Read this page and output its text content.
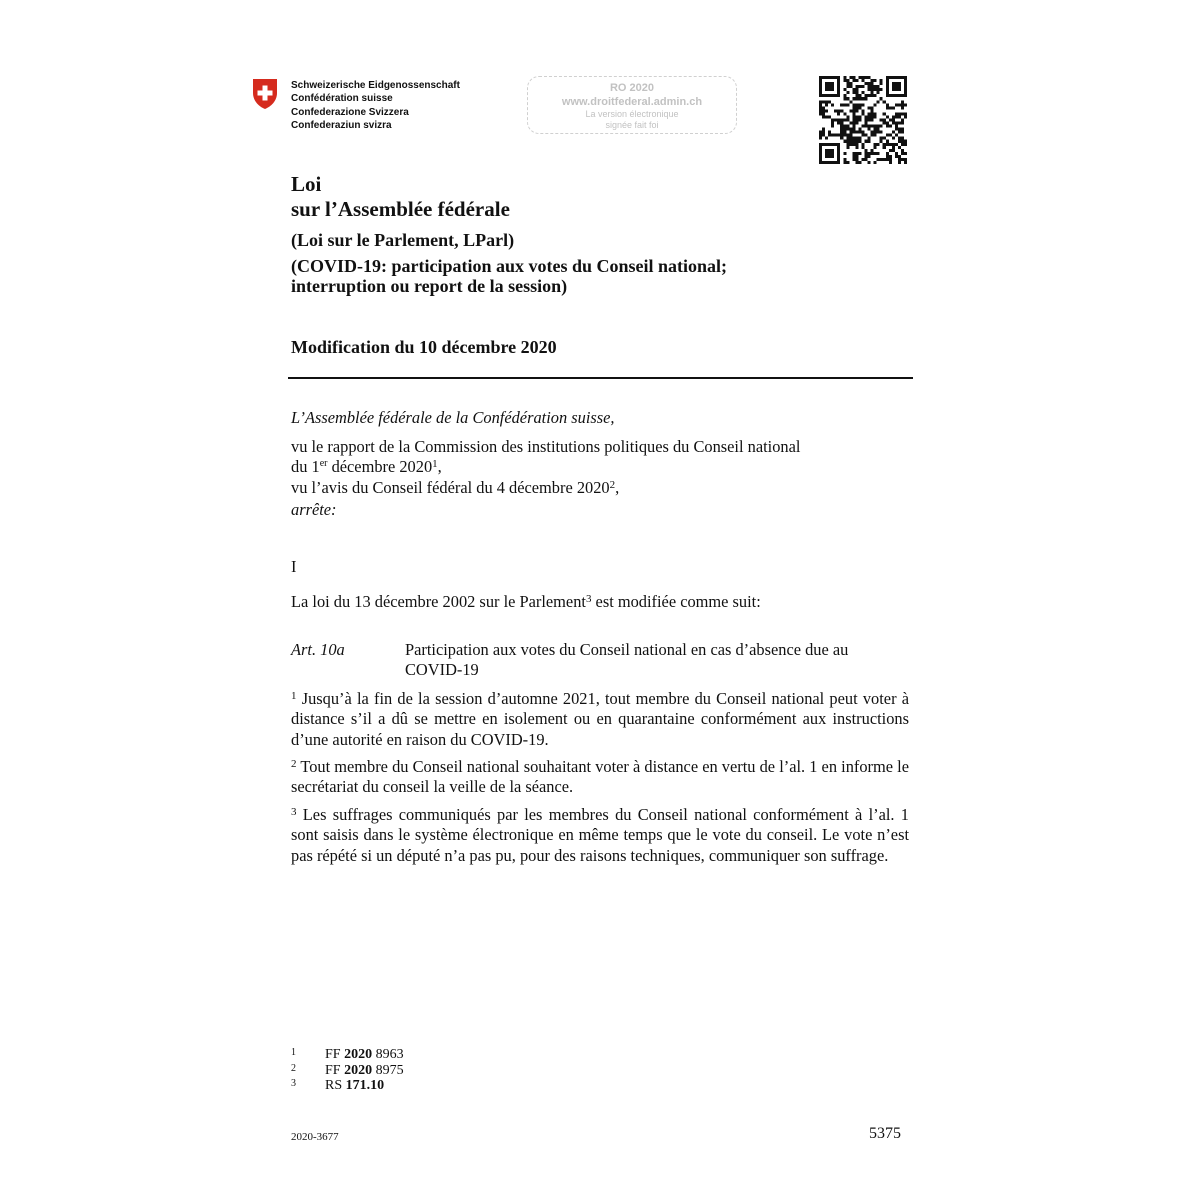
Schweizerische Eidgenossenschaft
Confédération suisse
Confederazione Svizzera
Confederaziun svizra
RO 2020
www.droitfederal.admin.ch
La version électronique
signée fait foi
Loi
sur l’Assemblée fédérale
(Loi sur le Parlement, LParl)
(COVID-19: participation aux votes du Conseil national;
interruption ou report de la session)
Modification du 10 décembre 2020
L’Assemblée fédérale de la Confédération suisse,
vu le rapport de la Commission des institutions politiques du Conseil national
du 1er décembre 2020$^1$,
vu l’avis du Conseil fédéral du 4 décembre 2020$^2$,
arrête:
I
La loi du 13 décembre 2002 sur le Parlement$^3$ est modifiée comme suit:
Art. 10a	Participation aux votes du Conseil national en cas d’absence due au COVID-19

$^1$ Jusqu’à la fin de la session d’automne 2021, tout membre du Conseil national peut voter à distance s’il a dû se mettre en isolement ou en quarantaine conformément aux instructions d’une autorité en raison du COVID-19.

$^2$ Tout membre du Conseil national souhaitant voter à distance en vertu de l’al. 1 en informe le secrétariat du conseil la veille de la séance.

$^3$ Les suffrages communiqués par les membres du Conseil national conformément à l’al. 1 sont saisis dans le système électronique en même temps que le vote du conseil. Le vote n’est pas répété si un député n’a pas pu, pour des raisons techniques, communiquer son suffrage.

1	FF 2020 8963
2	FF 2020 8975
3	RS 171.10
2020-3677	5375
